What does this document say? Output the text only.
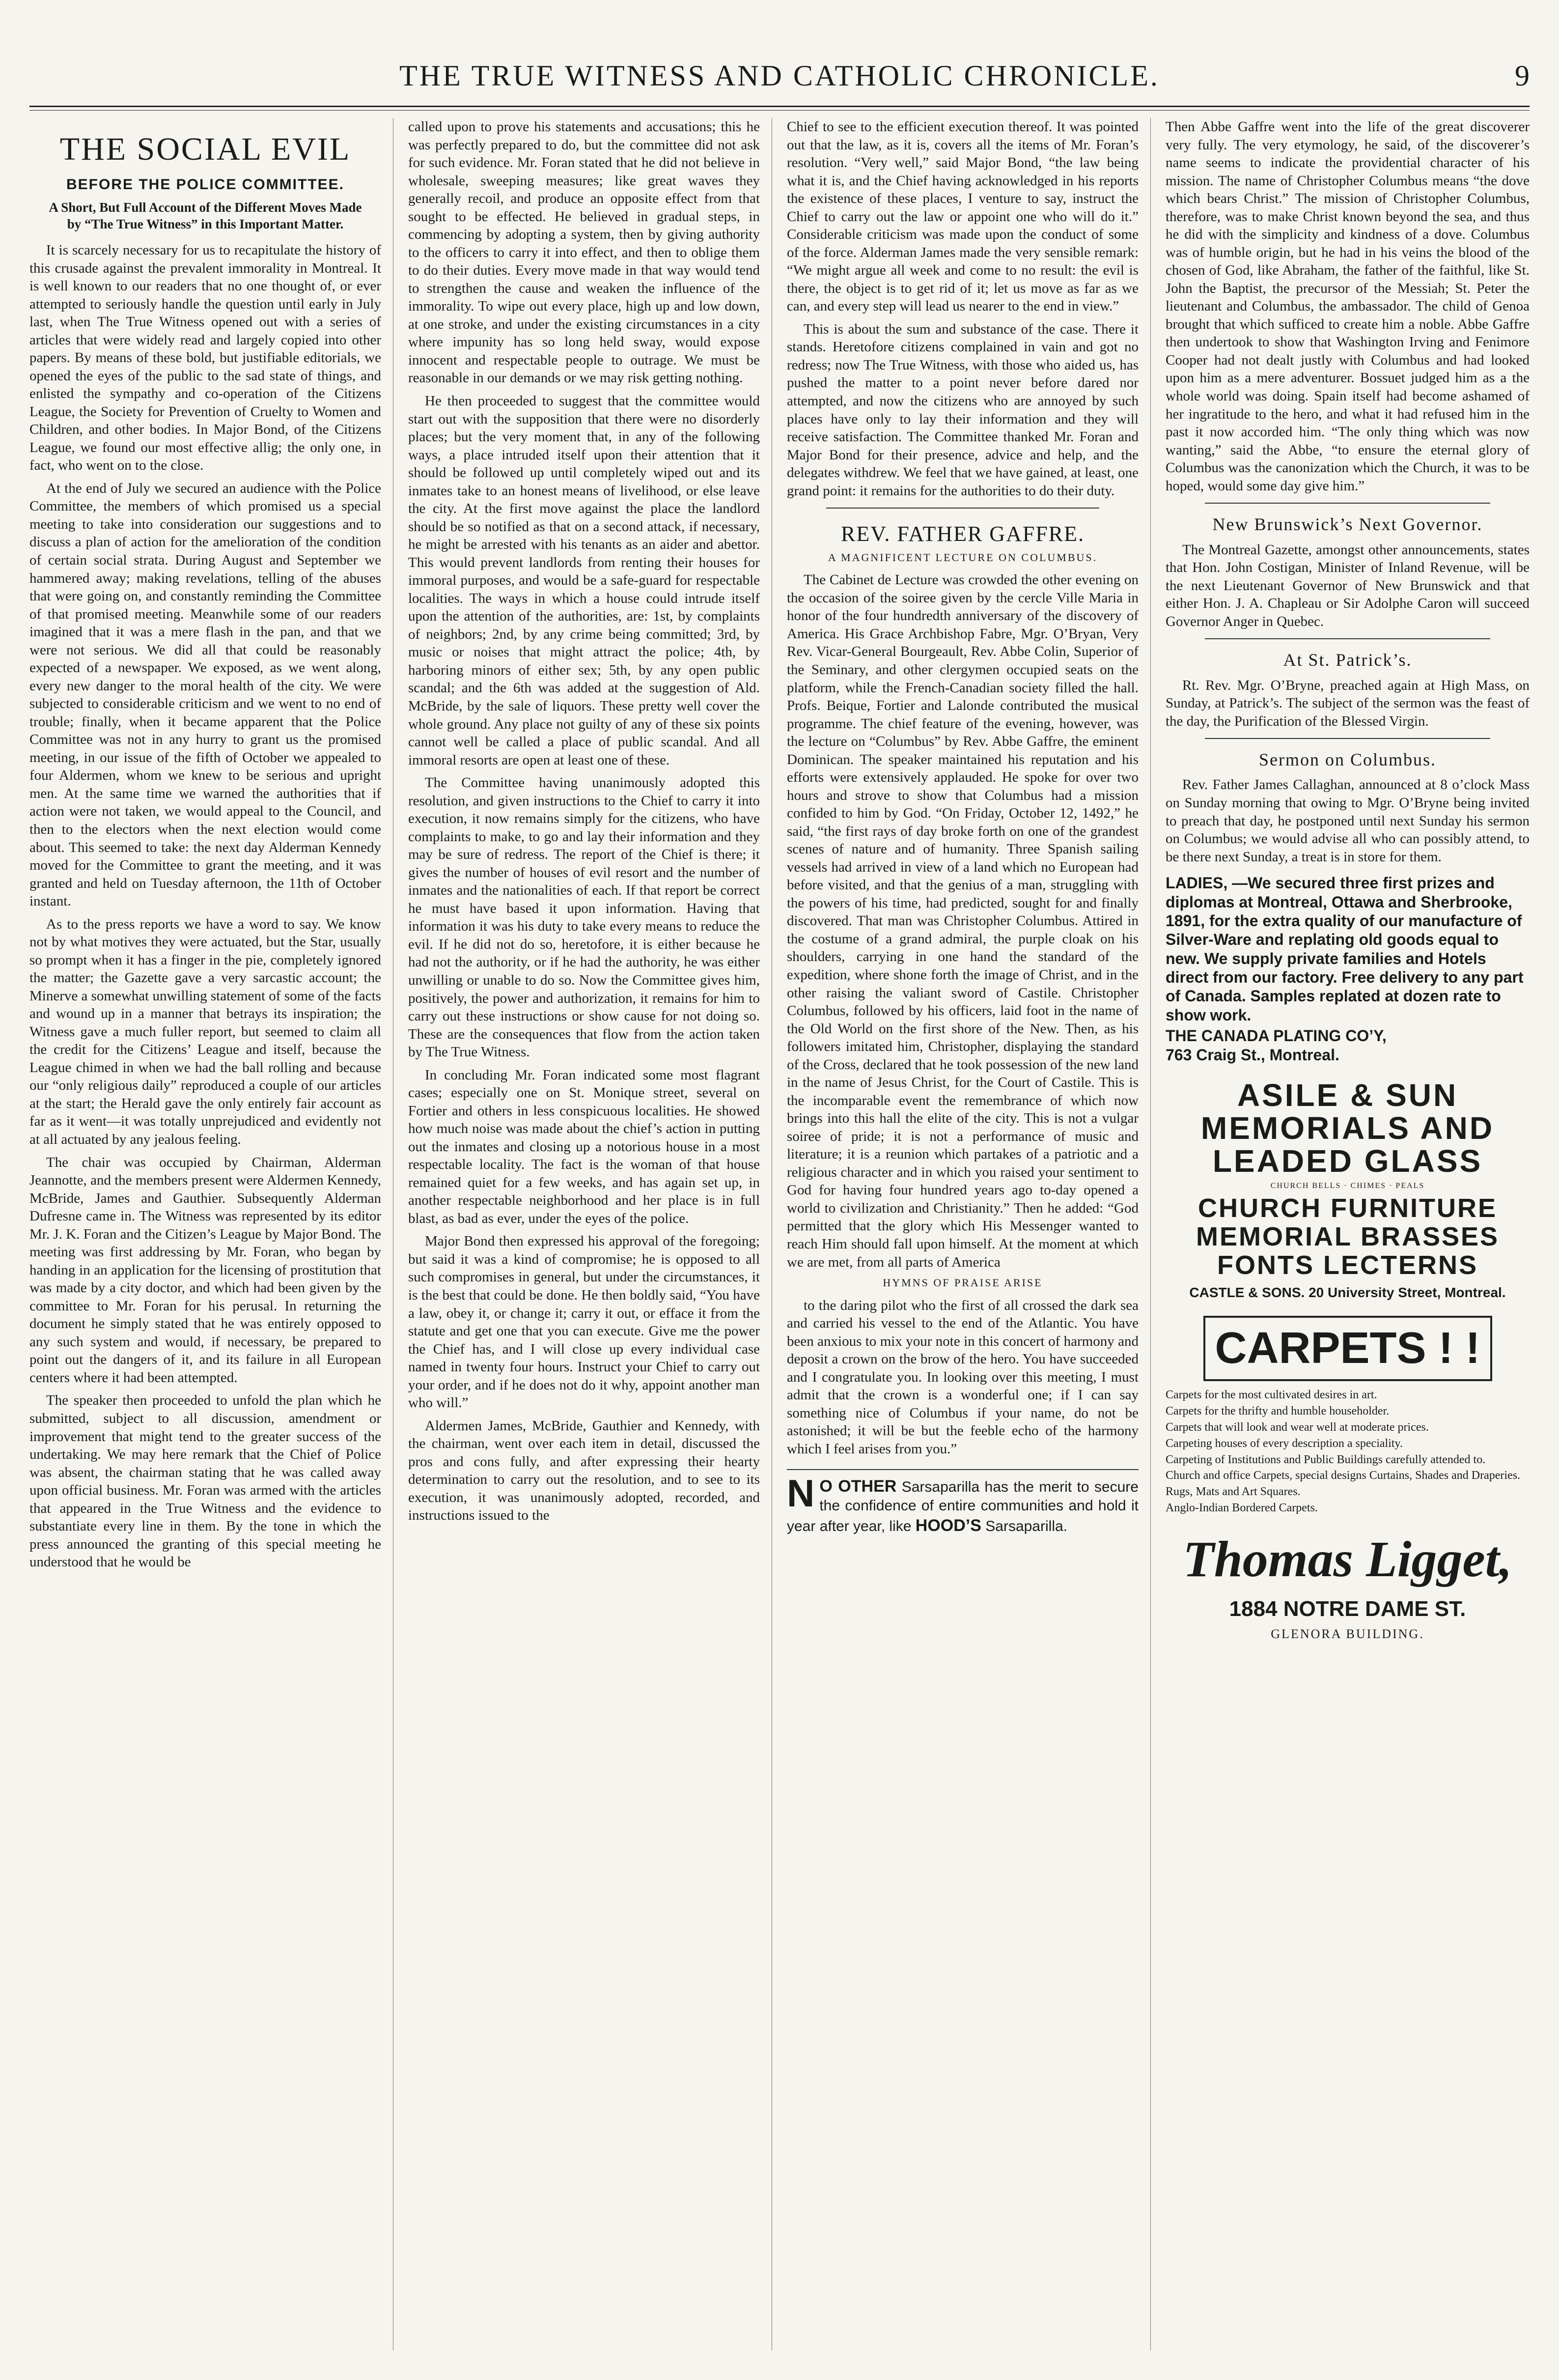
THE TRUE WITNESS AND CATHOLIC CHRONICLE.	9
THE SOCIAL EVIL
BEFORE THE POLICE COMMITTEE.
A Short, But Full Account of the Different Moves Made by “The True Witness” in this Important Matter.

It is scarcely necessary for us to recapitulate the history of this crusade against the prevalent immorality in Montreal. It is well known to our readers that no one thought of, or ever attempted to seriously handle the question until early in July last, when The True Witness opened out with a series of articles that were widely read and largely copied into other papers. By means of these bold, but justifiable editorials, we opened the eyes of the public to the sad state of things, and enlisted the sympathy and co-operation of the Citizens League, the Society for Prevention of Cruelty to Women and Children, and other bodies. In Major Bond, of the Citizens League, we found our most effective allig; the only one, in fact, who went on to the close.

At the end of July we secured an audience with the Police Committee, the members of which promised us a special meeting to take into consideration our suggestions and to discuss a plan of action for the amelioration of the condition of certain social strata. During August and September we hammered away; making revelations, telling of the abuses that were going on, and constantly reminding the Committee of that promised meeting. Meanwhile some of our readers imagined that it was a mere flash in the pan, and that we were not serious. We did all that could be reasonably expected of a newspaper. We exposed, as we went along, every new danger to the moral health of the city. We were subjected to considerable criticism and we went to no end of trouble; finally, when it became apparent that the Police Committee was not in any hurry to grant us the promised meeting, in our issue of the fifth of October we appealed to four Aldermen, whom we knew to be serious and upright men. At the same time we warned the authorities that if action were not taken, we would appeal to the Council, and then to the electors when the next election would come about. This seemed to take: the next day Alderman Kennedy moved for the Committee to grant the meeting, and it was granted and held on Tuesday afternoon, the 11th of October instant.

As to the press reports we have a word to say. We know not by what motives they were actuated, but the Star, usually so prompt when it has a finger in the pie, completely ignored the matter; the Gazette gave a very sarcastic account; the Minerve a somewhat unwilling statement of some of the facts and wound up in a manner that betrays its inspiration; the Witness gave a much fuller report, but seemed to claim all the credit for the Citizens’ League and itself, because the League chimed in when we had the ball rolling and because our “only religious daily” reproduced a couple of our articles at the start; the Herald gave the only entirely fair account as far as it went—it was totally unprejudiced and evidently not at all actuated by any jealous feeling.

The chair was occupied by Chairman, Alderman Jeannotte, and the members present were Aldermen Kennedy, McBride, James and Gauthier. Subsequently Alderman Dufresne came in. The Witness was represented by its editor Mr. J. K. Foran and the Citizen’s League by Major Bond. The meeting was first addressing by Mr. Foran, who began by handing in an application for the licensing of prostitution that was made by a city doctor, and which had been given by the committee to Mr. Foran for his perusal. In returning the document he simply stated that he was entirely opposed to any such system and would, if necessary, be prepared to point out the dangers of it, and its failure in all European centers where it had been attempted.

The speaker then proceeded to unfold the plan which he submitted, subject to all discussion, amendment or improvement that might tend to the greater success of the undertaking. We may here remark that the Chief of Police was absent, the chairman stating that he was called away upon official business. Mr. Foran was armed with the articles that appeared in the True Witness and the evidence to substantiate every line in them. By the tone in which the press announced the granting of this special meeting he understood that he would be

called upon to prove his statements and accusations; this he was perfectly prepared to do, but the committee did not ask for such evidence. Mr. Foran stated that he did not believe in wholesale, sweeping measures; like great waves they generally recoil, and produce an opposite effect from that sought to be effected. He believed in gradual steps, in commencing by adopting a system, then by giving authority to the officers to carry it into effect, and then to oblige them to do their duties. Every move made in that way would tend to strengthen the cause and weaken the influence of the immorality. To wipe out every place, high up and low down, at one stroke, and under the existing circumstances in a city where impunity has so long held sway, would expose innocent and respectable people to outrage. We must be reasonable in our demands or we may risk getting nothing.

He then proceeded to suggest that the committee would start out with the supposition that there were no disorderly places; but the very moment that, in any of the following ways, a place intruded itself upon their attention that it should be followed up until completely wiped out and its inmates take to an honest means of livelihood, or else leave the city. At the first move against the place the landlord should be so notified as that on a second attack, if necessary, he might be arrested with his tenants as an aider and abettor. This would prevent landlords from renting their houses for immoral purposes, and would be a safe-guard for respectable localities. The ways in which a house could intrude itself upon the attention of the authorities, are: 1st, by complaints of neighbors; 2nd, by any crime being committed; 3rd, by music or noises that might attract the police; 4th, by harboring minors of either sex; 5th, by any open public scandal; and the 6th was added at the suggestion of Ald. McBride, by the sale of liquors. These pretty well cover the whole ground. Any place not guilty of any of these six points cannot well be called a place of public scandal. And all immoral resorts are open at least one of these.

The Committee having unanimously adopted this resolution, and given instructions to the Chief to carry it into execution, it now remains simply for the citizens, who have complaints to make, to go and lay their information and they may be sure of redress. The report of the Chief is there; it gives the number of houses of evil resort and the number of inmates and the nationalities of each. If that report be correct he must have based it upon information. Having that information it was his duty to take every means to reduce the evil. If he did not do so, heretofore, it is either because he had not the authority, or if he had the authority, he was either unwilling or unable to do so. Now the Committee gives him, positively, the power and authorization, it remains for him to carry out these instructions or show cause for not doing so. These are the consequences that flow from the action taken by The True Witness.

In concluding Mr. Foran indicated some most flagrant cases; especially one on St. Monique street, several on Fortier and others in less conspicuous localities. He showed how much noise was made about the chief’s action in putting out the inmates and closing up a notorious house in a most respectable locality. The fact is the woman of that house remained quiet for a few weeks, and has again set up, in another respectable neighborhood and her place is in full blast, as bad as ever, under the eyes of the police.

Major Bond then expressed his approval of the foregoing; but said it was a kind of compromise; he is opposed to all such compromises in general, but under the circumstances, it is the best that could be done. He then boldly said, “You have a law, obey it, or change it; carry it out, or efface it from the statute and get one that you can execute. Give me the power the Chief has, and I will close up every individual case named in twenty four hours. Instruct your Chief to carry out your order, and if he does not do it why, appoint another man who will.”

Aldermen James, McBride, Gauthier and Kennedy, with the chairman, went over each item in detail, discussed the pros and cons fully, and after expressing their hearty determination to carry out the resolution, and to see to its execution, it was unanimously adopted, recorded, and instructions issued to the

Chief to see to the efficient execution thereof. It was pointed out that the law, as it is, covers all the items of Mr. Foran’s resolution. “Very well,” said Major Bond, “the law being what it is, and the Chief having acknowledged in his reports the existence of these places, I venture to say, instruct the Chief to carry out the law or appoint one who will do it.” Considerable criticism was made upon the conduct of some of the force. Alderman James made the very sensible remark: “We might argue all week and come to no result: the evil is there, the object is to get rid of it; let us move as far as we can, and every step will lead us nearer to the end in view.”

This is about the sum and substance of the case. There it stands. Heretofore citizens complained in vain and got no redress; now The True Witness, with those who aided us, has pushed the matter to a point never before dared nor attempted, and now the citizens who are annoyed by such places have only to lay their information and they will receive satisfaction. The Committee thanked Mr. Foran and Major Bond for their presence, advice and help, and the delegates withdrew. We feel that we have gained, at least, one grand point: it remains for the authorities to do their duty.

REV. FATHER GAFFRE.
A MAGNIFICENT LECTURE ON COLUMBUS.

The Cabinet de Lecture was crowded the other evening on the occasion of the soiree given by the cercle Ville Maria in honor of the four hundredth anniversary of the discovery of America. His Grace Archbishop Fabre, Mgr. O’Bryan, Very Rev. Vicar-General Bourgeault, Rev. Abbe Colin, Superior of the Seminary, and other clergymen occupied seats on the platform, while the French-Canadian society filled the hall. Profs. Beique, Fortier and Lalonde contributed the musical programme. The chief feature of the evening, however, was the lecture on “Columbus” by Rev. Abbe Gaffre, the eminent Dominican. The speaker maintained his reputation and his efforts were extensively applauded. He spoke for over two hours and strove to show that Columbus had a mission confided to him by God. “On Friday, October 12, 1492,” he said, “the first rays of day broke forth on one of the grandest scenes of nature and of humanity. Three Spanish sailing vessels had arrived in view of a land which no European had before visited, and that the genius of a man, struggling with the powers of his time, had predicted, sought for and finally discovered. That man was Christopher Columbus. Attired in the costume of a grand admiral, the purple cloak on his shoulders, carrying in one hand the standard of the expedition, where shone forth the image of Christ, and in the other raising the valiant sword of Castile. Christopher Columbus, followed by his officers, laid foot in the name of the Old World on the first shore of the New. Then, as his followers imitated him, Christopher, displaying the standard of the Cross, declared that he took possession of the new land in the name of Jesus Christ, for the Court of Castile. This is the incomparable event the remembrance of which now brings into this hall the elite of the city. This is not a vulgar soiree of pride; it is not a performance of music and literature; it is a reunion which partakes of a patriotic and a religious character and in which you raised your sentiment to God for having four hundred years ago to-day opened a world to civilization and Christianity.” Then he added: “God permitted that the glory which His Messenger wanted to reach Him should fall upon himself. At the moment at which we are met, from all parts of America

HYMNS OF PRAISE ARISE

to the daring pilot who the first of all crossed the dark sea and carried his vessel to the end of the Atlantic. You have been anxious to mix your note in this concert of harmony and deposit a crown on the brow of the hero. You have succeeded and I congratulate you. In looking over this meeting, I must admit that the crown is a wonderful one; if I can say something nice of Columbus if your name, do not be astonished; it will be but the feeble echo of the harmony which I feel arises from you.”

N O OTHER Sarsaparilla has the merit to secure the confidence of entire communities and hold it year after year, like HOOD’S Sarsaparilla.

Then Abbe Gaffre went into the life of the great discoverer very fully. The very etymology, he said, of the discoverer’s name seems to indicate the providential character of his mission. The name of Christopher Columbus means “the dove which bears Christ.” The mission of Christopher Columbus, therefore, was to make Christ known beyond the sea, and thus he did with the simplicity and kindness of a dove. Columbus was of humble origin, but he had in his veins the blood of the chosen of God, like Abraham, the father of the faithful, like St. John the Baptist, the precursor of the Messiah; St. Peter the lieutenant and Columbus, the ambassador. The child of Genoa brought that which sufficed to create him a noble. Abbe Gaffre then undertook to show that Washington Irving and Fenimore Cooper had not dealt justly with Columbus and had looked upon him as a mere adventurer. Bossuet judged him as a the whole world was doing. Spain itself had become ashamed of her ingratitude to the hero, and what it had refused him in the past it now accorded him. “The only thing which was now wanting,” said the Abbe, “to ensure the eternal glory of Columbus was the canonization which the Church, it was to be hoped, would some day give him.”

New Brunswick’s Next Governor.

The Montreal Gazette, amongst other announcements, states that Hon. John Costigan, Minister of Inland Revenue, will be the next Lieutenant Governor of New Brunswick and that either Hon. J. A. Chapleau or Sir Adolphe Caron will succeed Governor Anger in Quebec.

At St. Patrick’s.

Rt. Rev. Mgr. O’Bryne, preached again at High Mass, on Sunday, at Patrick’s. The subject of the sermon was the feast of the day, the Purification of the Blessed Virgin.

Sermon on Columbus.

Rev. Father James Callaghan, announced at 8 o’clock Mass on Sunday morning that owing to Mgr. O’Bryne being invited to preach that day, he postponed until next Sunday his sermon on Columbus; we would advise all who can possibly attend, to be there next Sunday, a treat is in store for them.

LADIES, —We secured three first prizes and diplomas at Montreal, Ottawa and Sherbrooke, 1891, for the extra quality of our manufacture of Silver-Ware and replating old goods equal to new. We supply private families and Hotels direct from our factory. Free delivery to any part of Canada. Samples replated at dozen rate to show work.
THE CANADA PLATING CO’Y,
763 Craig St., Montreal.
ASILE & SUN
MEMORIALS AND
LEADED GLASS
CHURCH BELLS · CHIMES · PEALS
CHURCH FURNITURE
MEMORIAL BRASSES
FONTS LECTERNS
CASTLE & SONS. 20 University Street, Montreal.
CARPETS ! !
Carpets for the most cultivated desires in art.
Carpets for the thrifty and humble householder.
Carpets that will look and wear well at moderate prices.
Carpeting houses of every description a speciality.
Carpeting of Institutions and Public Buildings carefully attended to.
Church and office Carpets, special designs Curtains, Shades and Draperies.
Rugs, Mats and Art Squares.
Anglo-Indian Bordered Carpets.
Thomas Ligget,
1884 NOTRE DAME ST.
GLENORA BUILDING.
